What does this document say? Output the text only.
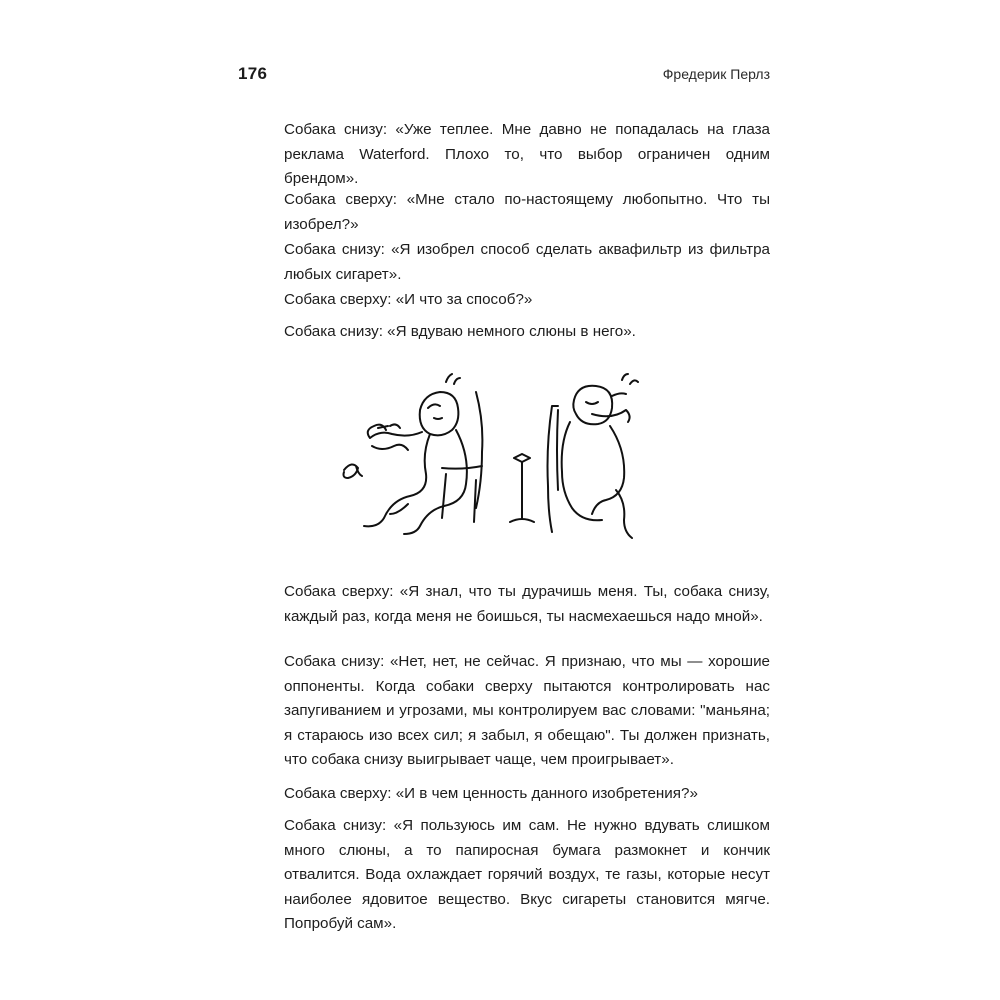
176	Фредерик Перлз

Собака снизу: «Уже теплее. Мне давно не попадалась на глаза реклама Waterford. Плохо то, что выбор ограничен одним брендом».

Собака сверху: «Мне стало по-настоящему любопытно. Что ты изобрел?»

Собака снизу: «Я изобрел способ сделать аквафильтр из фильтра любых сигарет».

Собака сверху: «И что за способ?»

Собака снизу: «Я вдуваю немного слюны в него».

Собака сверху: «Я знал, что ты дурачишь меня. Ты, собака снизу, каждый раз, когда меня не боишься, ты насмехаешься надо мной».

Собака снизу: «Нет, нет, не сейчас. Я признаю, что мы — хорошие оппоненты. Когда собаки сверху пытаются контролировать нас запугиванием и угрозами, мы контролируем вас словами: "маньяна; я стараюсь изо всех сил; я забыл, я обещаю". Ты должен признать, что собака снизу выигрывает чаще, чем проигрывает».

Собака сверху: «И в чем ценность данного изобретения?»

Собака снизу: «Я пользуюсь им сам. Не нужно вдувать слишком много слюны, а то папиросная бумага размокнет и кончик отвалится. Вода охлаждает горячий воздух, те газы, которые несут наиболее ядовитое вещество. Вкус сигареты становится мягче. Попробуй сам».
